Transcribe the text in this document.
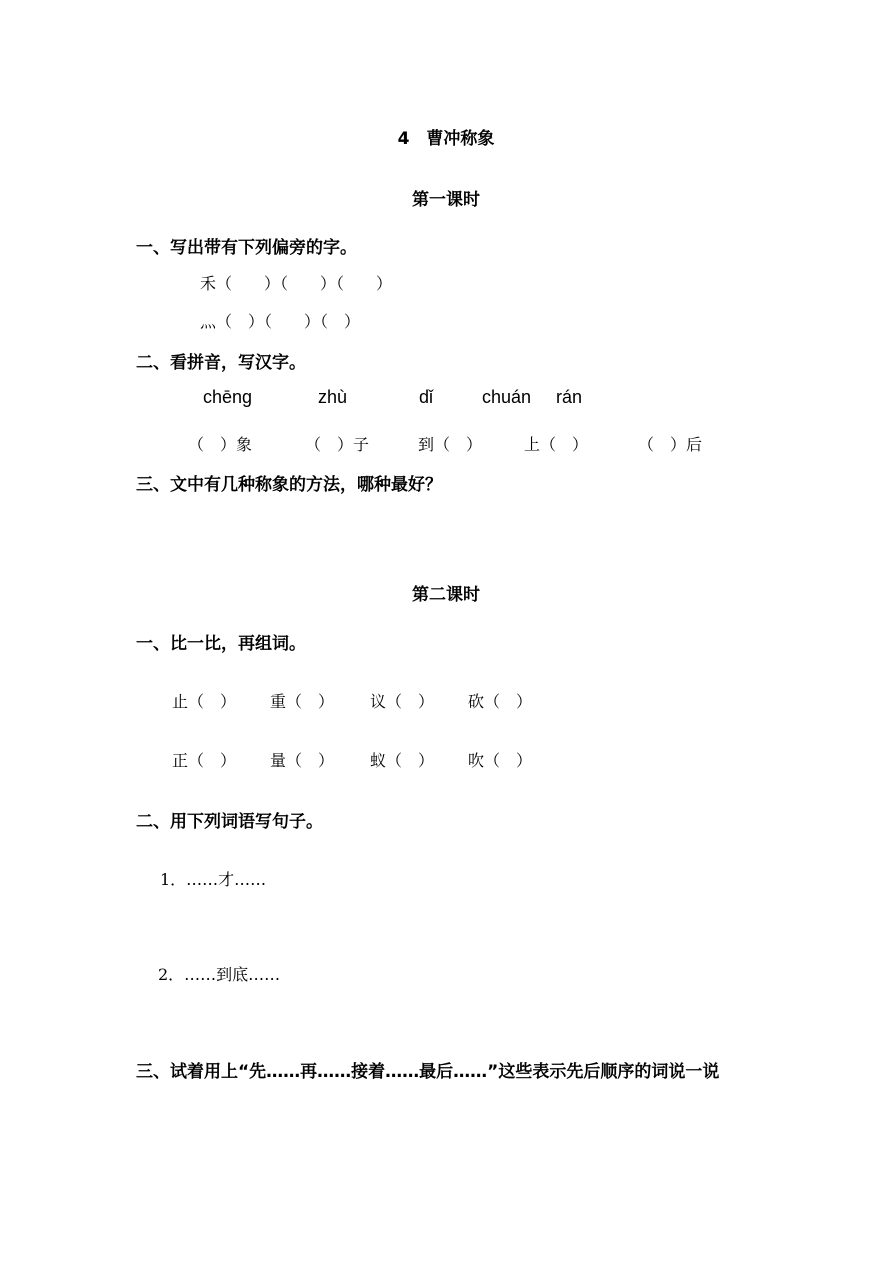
4　曹冲称象
第一课时
一、写出带有下列偏旁的字。
禾（　　）（　　）（　　）
灬（　）（　　）（　）
二、看拼音，写汉字。
chēng	zhù	dǐ	chuán rán
（　）象	（　）子	到（　）	上（　）	（　）后
三、文中有几种称象的方法，哪种最好？
第二课时
一、比一比，再组词。
止（　） 重（　） 议（　） 砍（　）
正（　） 量（　） 蚁（　） 吹（　）
二、用下列词语写句子。
1．……才……
2．……到底……
三、试着用上“先……再……接着……最后……”这些表示先后顺序的词说一说
